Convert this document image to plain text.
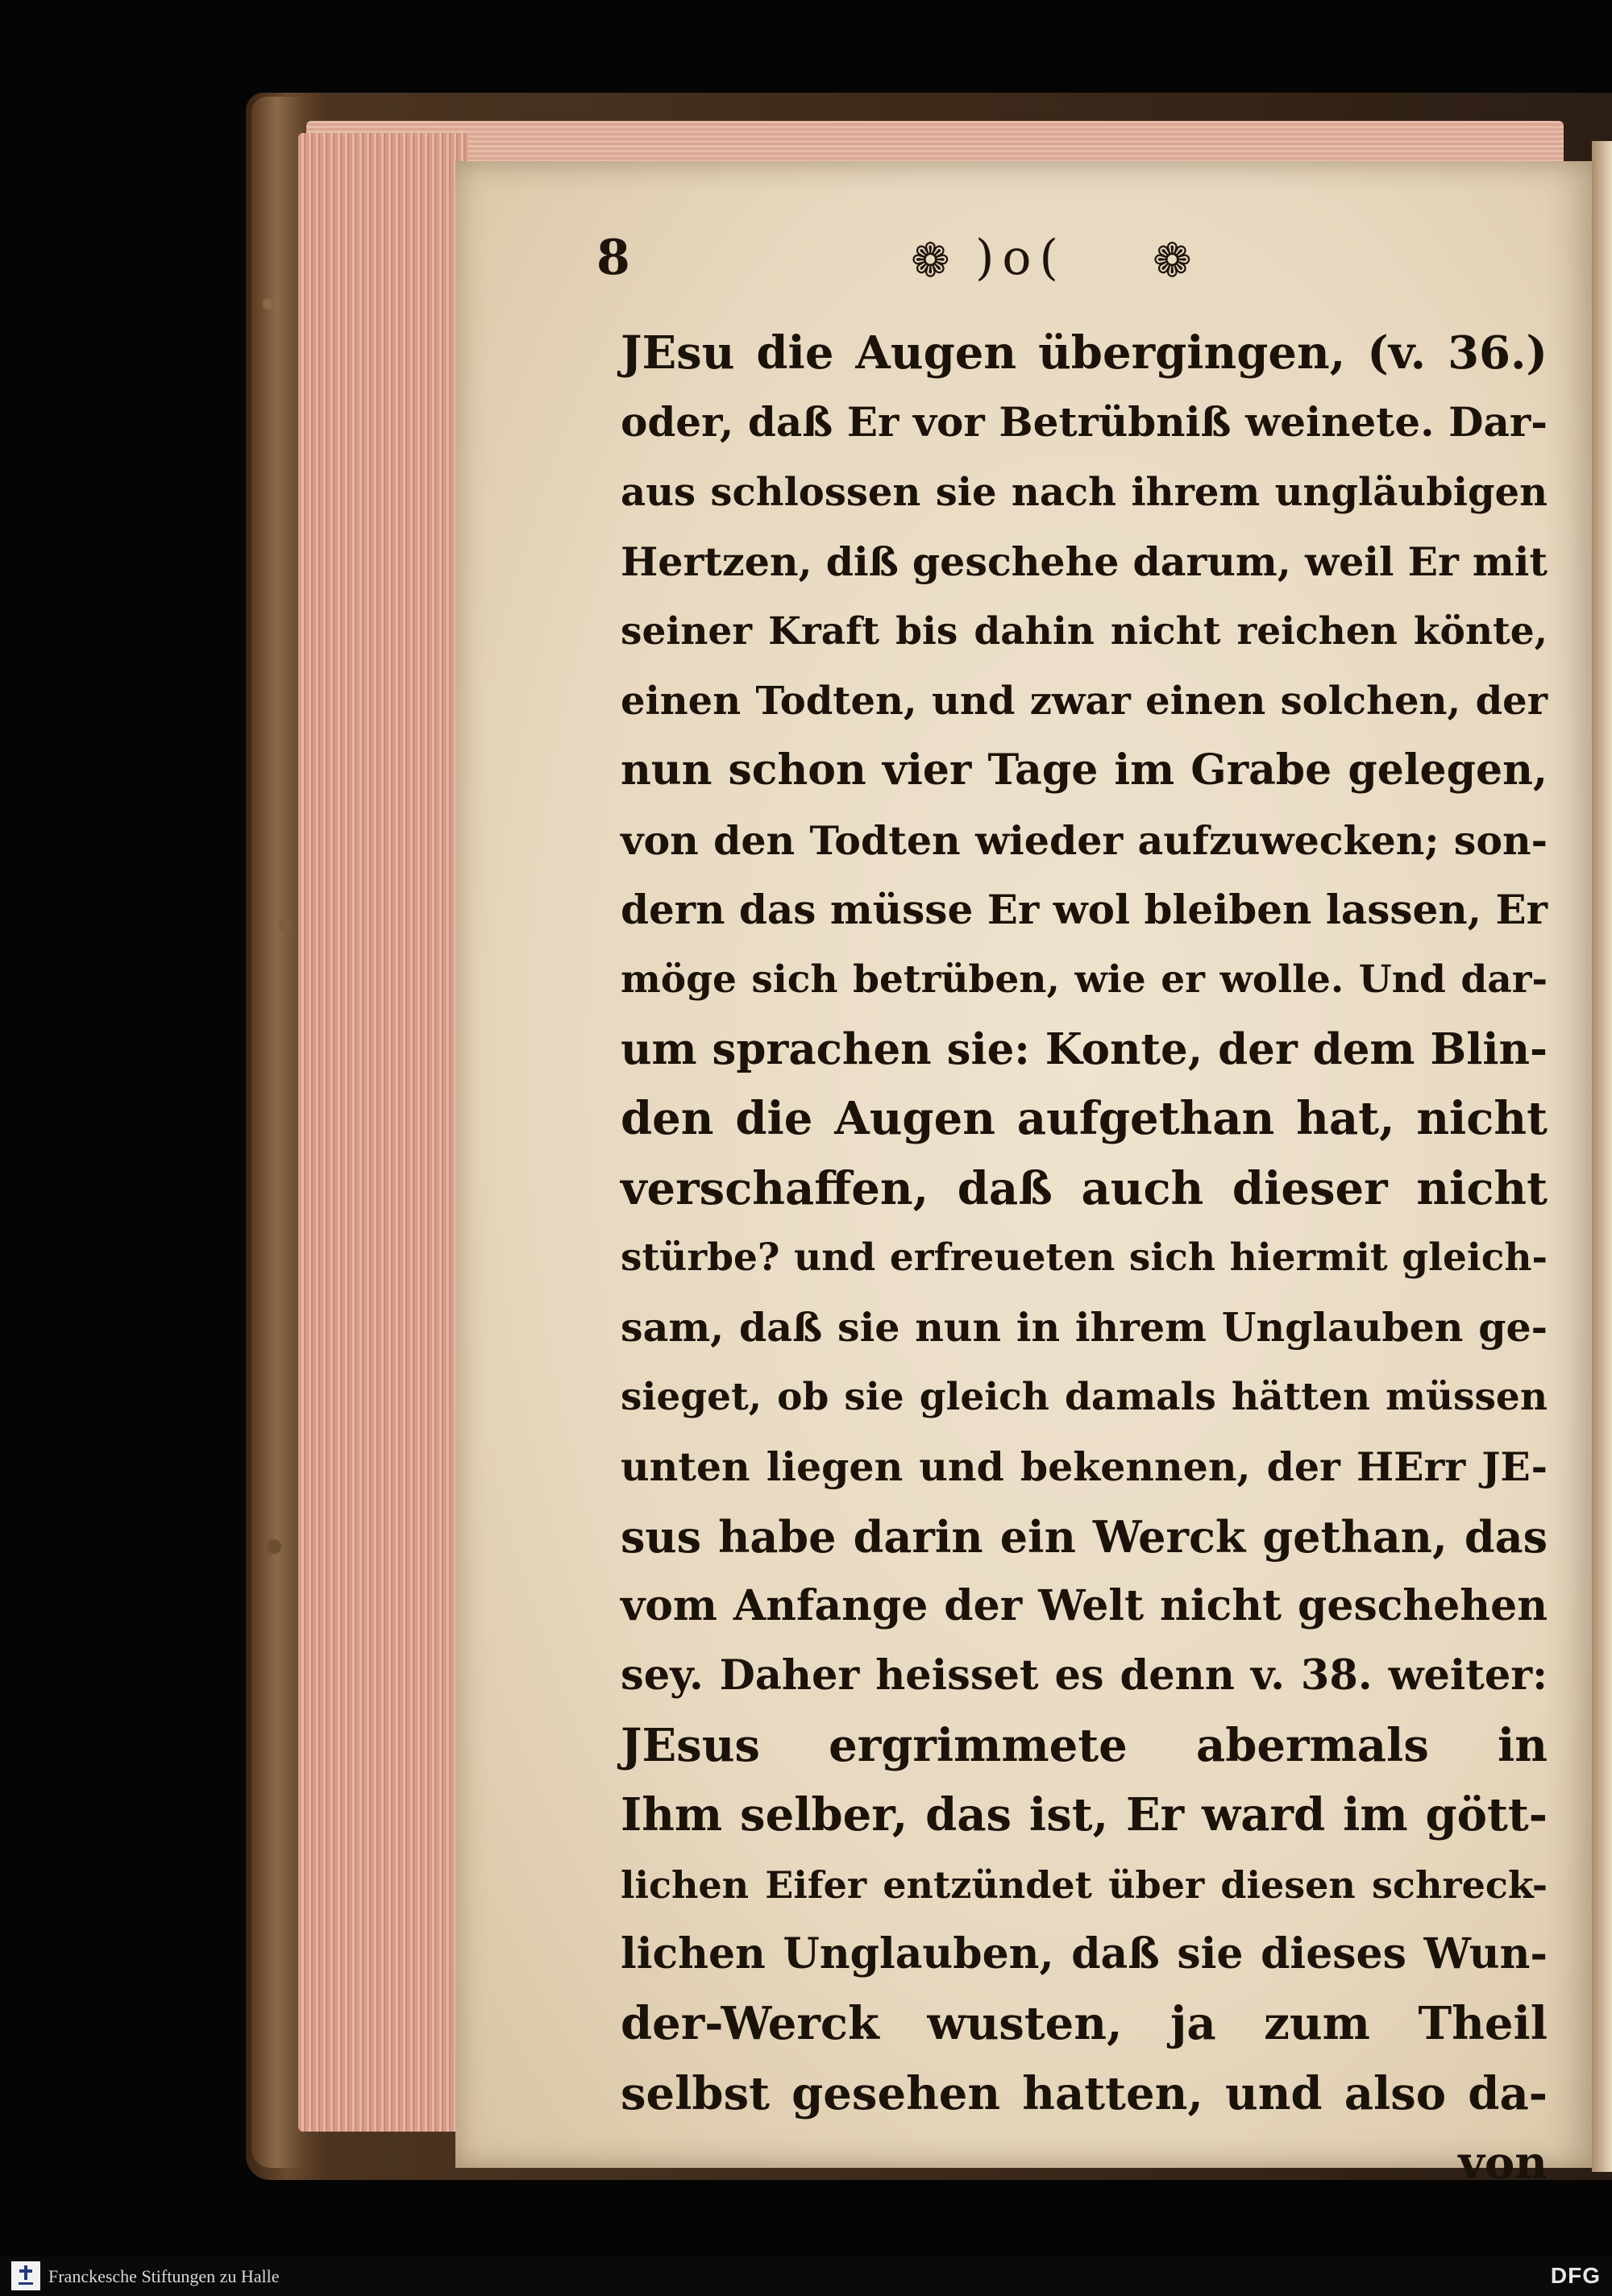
8	❁ )o( ❁
JEsu die Augen übergingen, (v. 36.)
oder, daß Er vor Betrübniß weinete. Dar-
aus schlossen sie nach ihrem ungläubigen
Hertzen, diß geschehe darum, weil Er mit
seiner Kraft bis dahin nicht reichen könte,
einen Todten, und zwar einen solchen, der
nun schon vier Tage im Grabe gelegen,
von den Todten wieder aufzuwecken; son-
dern das müsse Er wol bleiben lassen, Er
möge sich betrüben, wie er wolle. Und dar-
um sprachen sie: Konte, der dem Blin-
den die Augen aufgethan hat, nicht
verschaffen, daß auch dieser nicht
stürbe? und erfreueten sich hiermit gleich-
sam, daß sie nun in ihrem Unglauben ge-
sieget, ob sie gleich damals hätten müssen
unten liegen und bekennen, der HErr JE-
sus habe darin ein Werck gethan, das
vom Anfange der Welt nicht geschehen
sey. Daher heisset es denn v. 38. weiter:
JEsus ergrimmete abermals in
Ihm selber, das ist, Er ward im gött-
lichen Eifer entzündet über diesen schreck-
lichen Unglauben, daß sie dieses Wun-
der-Werck wusten, ja zum Theil
selbst gesehen hatten, und also da-
von
Franckesche Stiftungen zu Halle	DFG
